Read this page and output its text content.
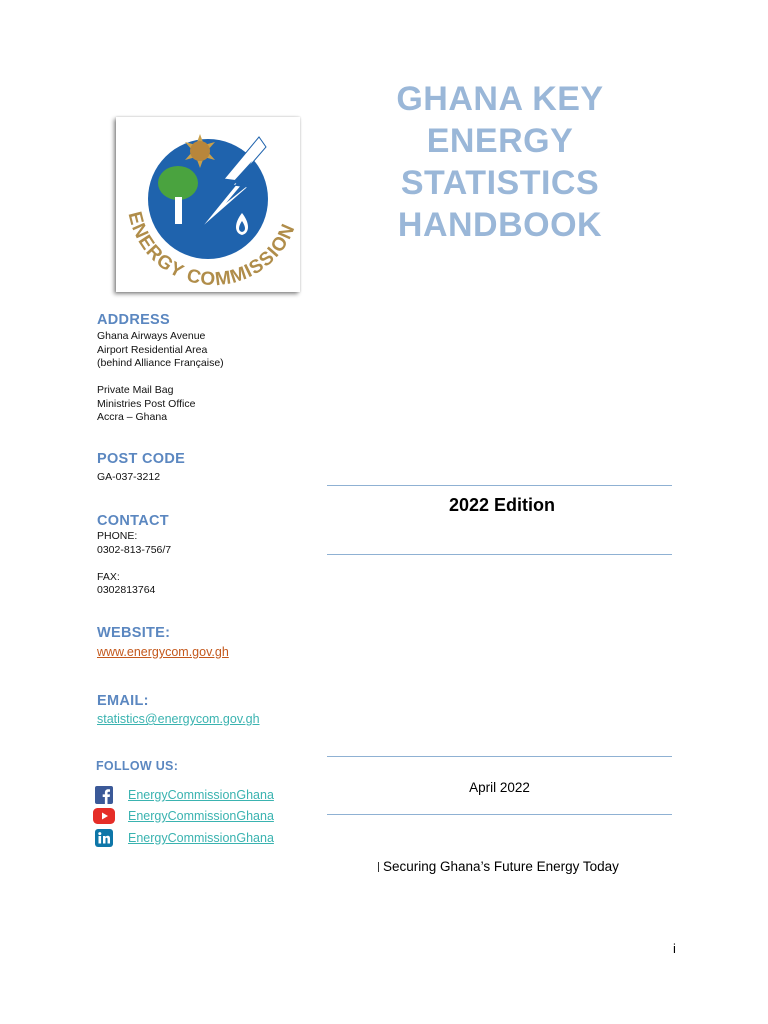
ENERGY COMMISSION
GHANA KEY
ENERGY
STATISTICS
HANDBOOK
ADDRESS
Ghana Airways Avenue
Airport Residential Area
(behind Alliance Française)
Private Mail Bag
Ministries Post Office
Accra – Ghana
POST CODE
GA-037-3212
CONTACT
PHONE:
0302-813-756/7
FAX:
0302813764
WEBSITE:
www.energycom.gov.gh
EMAIL:
statistics@energycom.gov.gh
FOLLOW US:
EnergyCommissionGhana
EnergyCommissionGhana
EnergyCommissionGhana
2022 Edition
April 2022
Securing Ghana’s Future Energy Today
i
